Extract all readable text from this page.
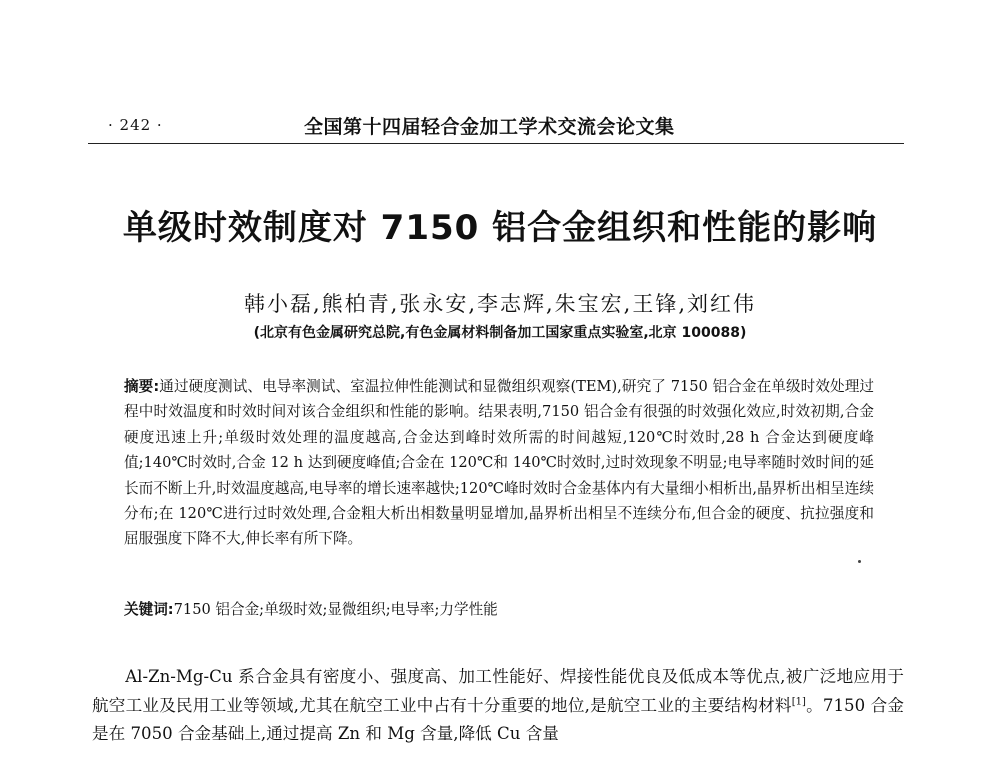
· 242 ·	全国第十四届轻合金加工学术交流会论文集
单级时效制度对 7150 铝合金组织和性能的影响
韩小磊,熊柏青,张永安,李志辉,朱宝宏,王锋,刘红伟
(北京有色金属研究总院,有色金属材料制备加工国家重点实验室,北京 100088)
摘要:通过硬度测试、电导率测试、室温拉伸性能测试和显微组织观察(TEM),研究了 7150 铝合金在单级时效处理过程中时效温度和时效时间对该合金组织和性能的影响。结果表明,7150 铝合金有很强的时效强化效应,时效初期,合金硬度迅速上升;单级时效处理的温度越高,合金达到峰时效所需的时间越短,120℃时效时,28 h 合金达到硬度峰值;140℃时效时,合金 12 h 达到硬度峰值;合金在 120℃和 140℃时效时,过时效现象不明显;电导率随时效时间的延长而不断上升,时效温度越高,电导率的增长速率越快;120℃峰时效时合金基体内有大量细小相析出,晶界析出相呈连续分布;在 120℃进行过时效处理,合金粗大析出相数量明显增加,晶界析出相呈不连续分布,但合金的硬度、抗拉强度和屈服强度下降不大,伸长率有所下降。
关键词:7150 铝合金;单级时效;显微组织;电导率;力学性能
Al-Zn-Mg-Cu 系合金具有密度小、强度高、加工性能好、焊接性能优良及低成本等优点,被广泛地应用于航空工业及民用工业等领域,尤其在航空工业中占有十分重要的地位,是航空工业的主要结构材料[1]。7150 合金是在 7050 合金基础上,通过提高 Zn 和 Mg 含量,降低 Cu 含量
